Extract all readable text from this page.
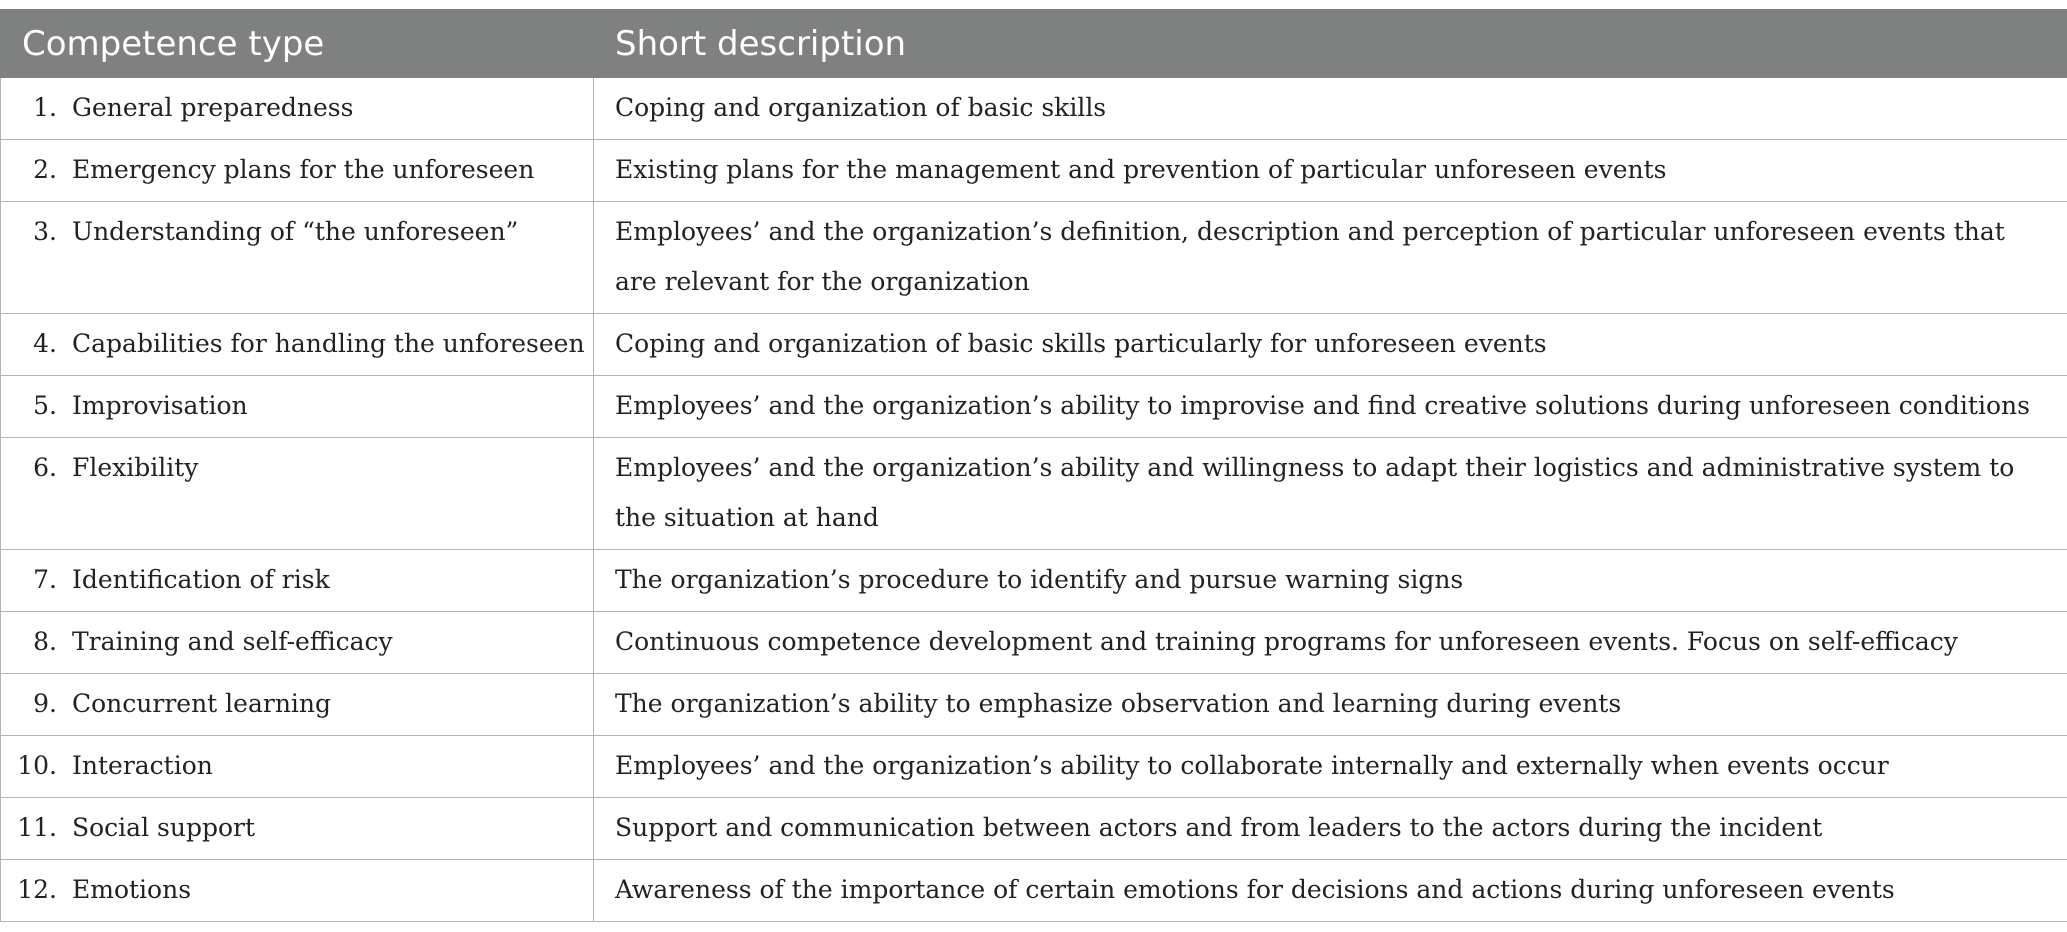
Competence type	Short description
1. General preparedness	Coping and organization of basic skills
2. Emergency plans for the unforeseen	Existing plans for the management and prevention of particular unforeseen events
3. Understanding of “the unforeseen”	Employees’ and the organization’s definition, description and perception of particular unforeseen events that are relevant for the organization
4. Capabilities for handling the unforeseen	Coping and organization of basic skills particularly for unforeseen events
5. Improvisation	Employees’ and the organization’s ability to improvise and find creative solutions during unforeseen conditions
6. Flexibility	Employees’ and the organization’s ability and willingness to adapt their logistics and administrative system to the situation at hand
7. Identification of risk	The organization’s procedure to identify and pursue warning signs
8. Training and self-efficacy	Continuous competence development and training programs for unforeseen events. Focus on self-efficacy
9. Concurrent learning	The organization’s ability to emphasize observation and learning during events
10. Interaction	Employees’ and the organization’s ability to collaborate internally and externally when events occur
11. Social support	Support and communication between actors and from leaders to the actors during the incident
12. Emotions	Awareness of the importance of certain emotions for decisions and actions during unforeseen events
